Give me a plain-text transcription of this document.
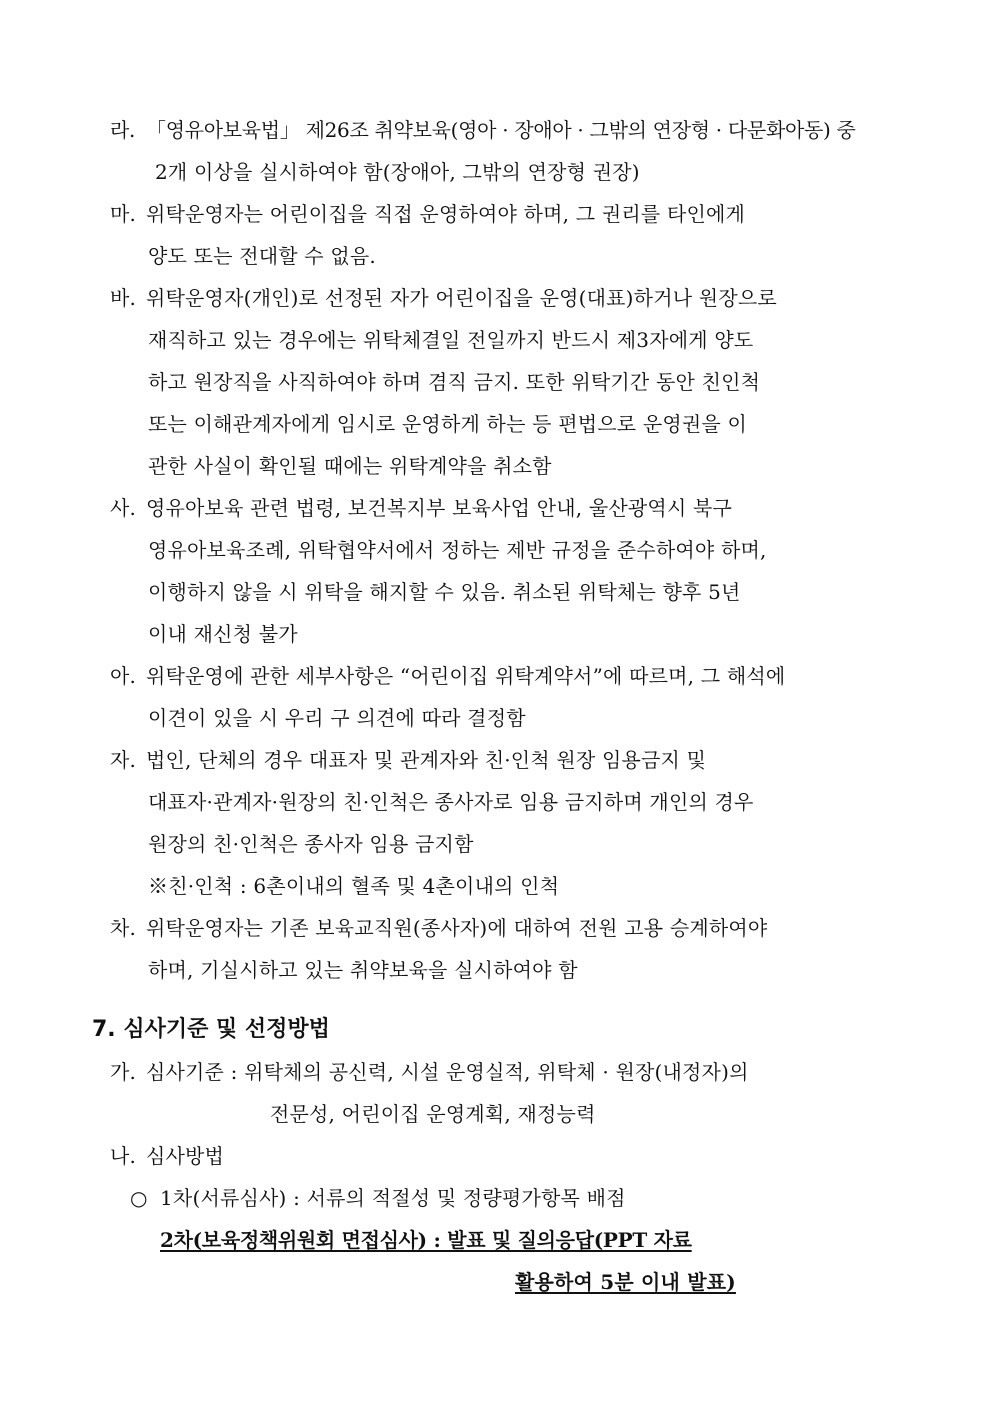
라. 「영유아보육법」 제26조 취약보육(영아 · 장애아 · 그밖의 연장형 · 다문화아동) 중
2개 이상을 실시하여야 함(장애아, 그밖의 연장형 권장)
마. 위탁운영자는 어린이집을 직접 운영하여야 하며, 그 권리를 타인에게
양도 또는 전대할 수 없음.
바. 위탁운영자(개인)로 선정된 자가 어린이집을 운영(대표)하거나 원장으로
재직하고 있는 경우에는 위탁체결일 전일까지 반드시 제3자에게 양도
하고 원장직을 사직하여야 하며 겸직 금지. 또한 위탁기간 동안 친인척
또는 이해관계자에게 임시로 운영하게 하는 등 편법으로 운영권을 이
관한 사실이 확인될 때에는 위탁계약을 취소함
사. 영유아보육 관련 법령, 보건복지부 보육사업 안내, 울산광역시 북구
영유아보육조례, 위탁협약서에서 정하는 제반 규정을 준수하여야 하며,
이행하지 않을 시 위탁을 해지할 수 있음. 취소된 위탁체는 향후 5년
이내 재신청 불가
아. 위탁운영에 관한 세부사항은 “어린이집 위탁계약서”에 따르며, 그 해석에
이견이 있을 시 우리 구 의견에 따라 결정함
자. 법인, 단체의 경우 대표자 및 관계자와 친·인척 원장 임용금지 및
대표자·관계자·원장의 친·인척은 종사자로 임용 금지하며 개인의 경우
원장의 친·인척은 종사자 임용 금지함
※친·인척 : 6촌이내의 혈족 및 4촌이내의 인척
차. 위탁운영자는 기존 보육교직원(종사자)에 대하여 전원 고용 승계하여야
하며, 기실시하고 있는 취약보육을 실시하여야 함
7. 심사기준 및 선정방법
가. 심사기준 : 위탁체의 공신력, 시설 운영실적, 위탁체 · 원장(내정자)의
전문성, 어린이집 운영계획, 재정능력
나. 심사방법
○ 1차(서류심사) : 서류의 적절성 및 정량평가항목 배점
2차(보육정책위원회 면접심사) : 발표 및 질의응답(PPT 자료
활용하여 5분 이내 발표)
